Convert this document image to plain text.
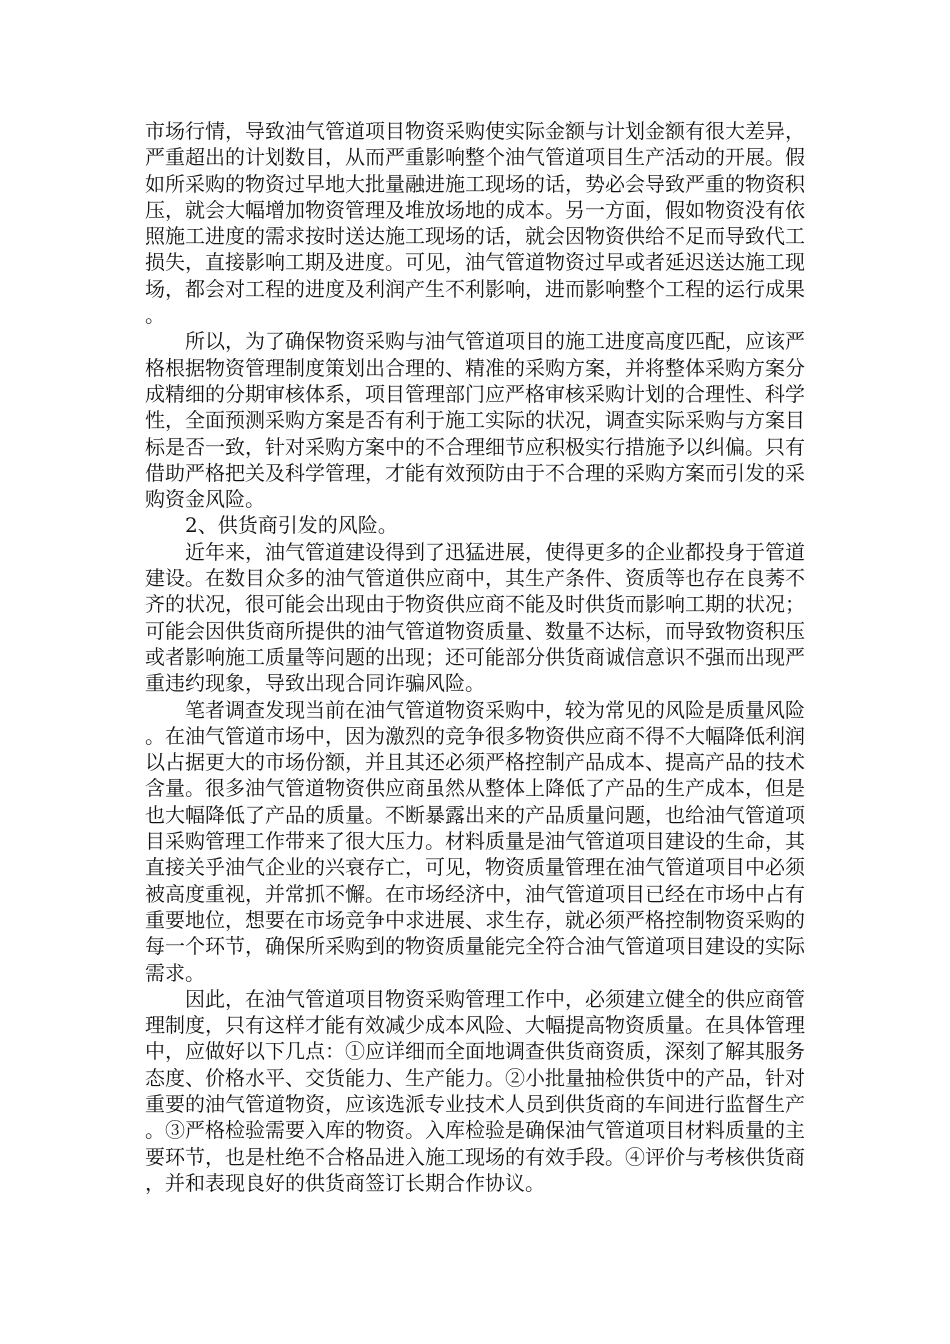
市场行情，导致油气管道项目物资采购使实际金额与计划金额有很大差异，严重超出的计划数目，从而严重影响整个油气管道项目生产活动的开展。假如所采购的物资过早地大批量融进施工现场的话，势必会导致严重的物资积压，就会大幅增加物资管理及堆放场地的成本。另一方面，假如物资没有依照施工进度的需求按时送达施工现场的话，就会因物资供给不足而导致代工损失，直接影响工期及进度。可见，油气管道物资过早或者延迟送达施工现场，都会对工程的进度及利润产生不利影响，进而影响整个工程的运行成果。

所以，为了确保物资采购与油气管道项目的施工进度高度匹配，应该严格根据物资管理制度策划出合理的、精准的采购方案，并将整体采购方案分成精细的分期审核体系，项目管理部门应严格审核采购计划的合理性、科学性，全面预测采购方案是否有利于施工实际的状况，调查实际采购与方案目标是否一致，针对采购方案中的不合理细节应积极实行措施予以纠偏。只有借助严格把关及科学管理，才能有效预防由于不合理的采购方案而引发的采购资金风险。

2、供货商引发的风险。

近年来，油气管道建设得到了迅猛进展，使得更多的企业都投身于管道建设。在数目众多的油气管道供应商中，其生产条件、资质等也存在良莠不齐的状况，很可能会出现由于物资供应商不能及时供货而影响工期的状况；可能会因供货商所提供的油气管道物资质量、数量不达标，而导致物资积压或者影响施工质量等问题的出现；还可能部分供货商诚信意识不强而出现严重违约现象，导致出现合同诈骗风险。

笔者调查发现当前在油气管道物资采购中，较为常见的风险是质量风险。在油气管道市场中，因为激烈的竞争很多物资供应商不得不大幅降低利润以占据更大的市场份额，并且其还必须严格控制产品成本、提高产品的技术含量。很多油气管道物资供应商虽然从整体上降低了产品的生产成本，但是也大幅降低了产品的质量。不断暴露出来的产品质量问题，也给油气管道项目采购管理工作带来了很大压力。材料质量是油气管道项目建设的生命，其直接关乎油气企业的兴衰存亡，可见，物资质量管理在油气管道项目中必须被高度重视，并常抓不懈。在市场经济中，油气管道项目已经在市场中占有重要地位，想要在市场竞争中求进展、求生存，就必须严格控制物资采购的每一个环节，确保所采购到的物资质量能完全符合油气管道项目建设的实际需求。

因此，在油气管道项目物资采购管理工作中，必须建立健全的供应商管理制度，只有这样才能有效减少成本风险、大幅提高物资质量。在具体管理中，应做好以下几点：①应详细而全面地调查供货商资质，深刻了解其服务态度、价格水平、交货能力、生产能力。②小批量抽检供货中的产品，针对重要的油气管道物资，应该选派专业技术人员到供货商的车间进行监督生产。③严格检验需要入库的物资。入库检验是确保油气管道项目材料质量的主要环节，也是杜绝不合格品进入施工现场的有效手段。④评价与考核供货商，并和表现良好的供货商签订长期合作协议。
